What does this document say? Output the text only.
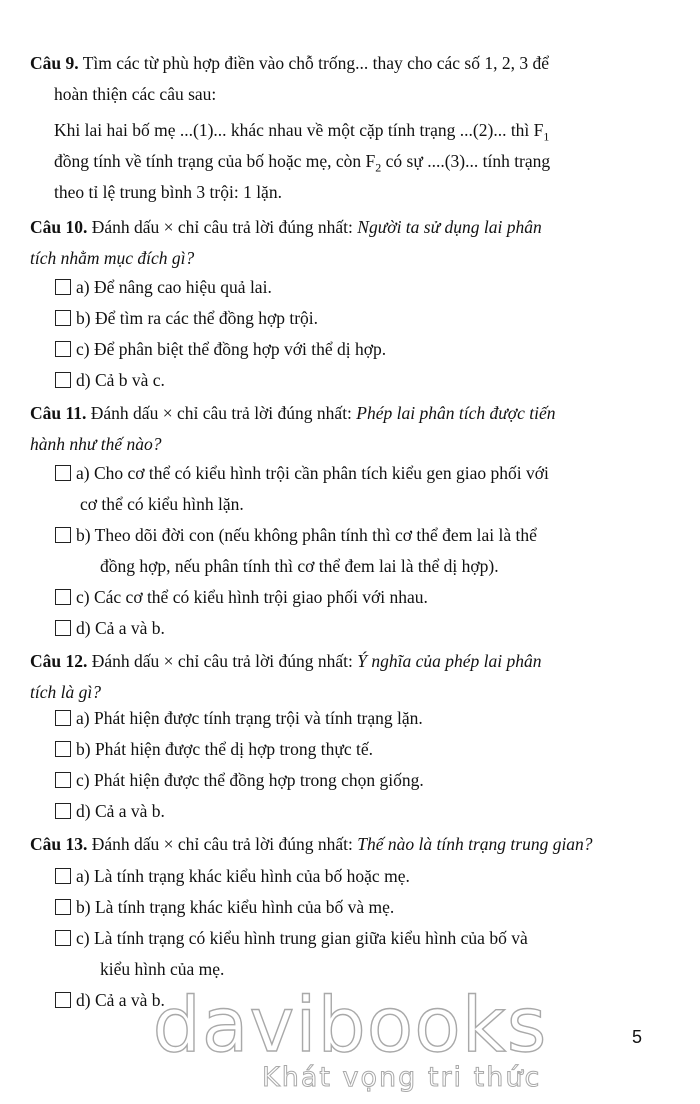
Câu 9. Tìm các từ phù hợp điền vào chỗ trống... thay cho các số 1, 2, 3 để
hoàn thiện các câu sau:
Khi lai hai bố mẹ ...(1)... khác nhau về một cặp tính trạng ...(2)... thì $F_1$
đồng tính về tính trạng của bố hoặc mẹ, còn $F_2$ có sự ....(3)... tính trạng
theo tỉ lệ trung bình 3 trội: 1 lặn.
Câu 10. Đánh dấu × chỉ câu trả lời đúng nhất: Người ta sử dụng lai phân
tích nhằm mục đích gì?
a) Để nâng cao hiệu quả lai.
b) Để tìm ra các thể đồng hợp trội.
c) Để phân biệt thể đồng hợp với thể dị hợp.
d) Cả b và c.
Câu 11. Đánh dấu × chỉ câu trả lời đúng nhất: Phép lai phân tích được tiến
hành như thế nào?
a) Cho cơ thể có kiểu hình trội cần phân tích kiểu gen giao phối với
cơ thể có kiểu hình lặn.
b) Theo dõi đời con (nếu không phân tính thì cơ thể đem lai là thể
đồng hợp, nếu phân tính thì cơ thể đem lai là thể dị hợp).
c) Các cơ thể có kiểu hình trội giao phối với nhau.
d) Cả a và b.
Câu 12. Đánh dấu × chỉ câu trả lời đúng nhất: Ý nghĩa của phép lai phân
tích là gì?
a) Phát hiện được tính trạng trội và tính trạng lặn.
b) Phát hiện được thể dị hợp trong thực tế.
c) Phát hiện được thể đồng hợp trong chọn giống.
d) Cả a và b.
Câu 13. Đánh dấu × chỉ câu trả lời đúng nhất: Thế nào là tính trạng trung gian?
a) Là tính trạng khác kiểu hình của bố hoặc mẹ.
b) Là tính trạng khác kiểu hình của bố và mẹ.
c) Là tính trạng có kiểu hình trung gian giữa kiểu hình của bố và
kiểu hình của mẹ.
d) Cả a và b.
davibooks
Khát vọng tri thức
5
